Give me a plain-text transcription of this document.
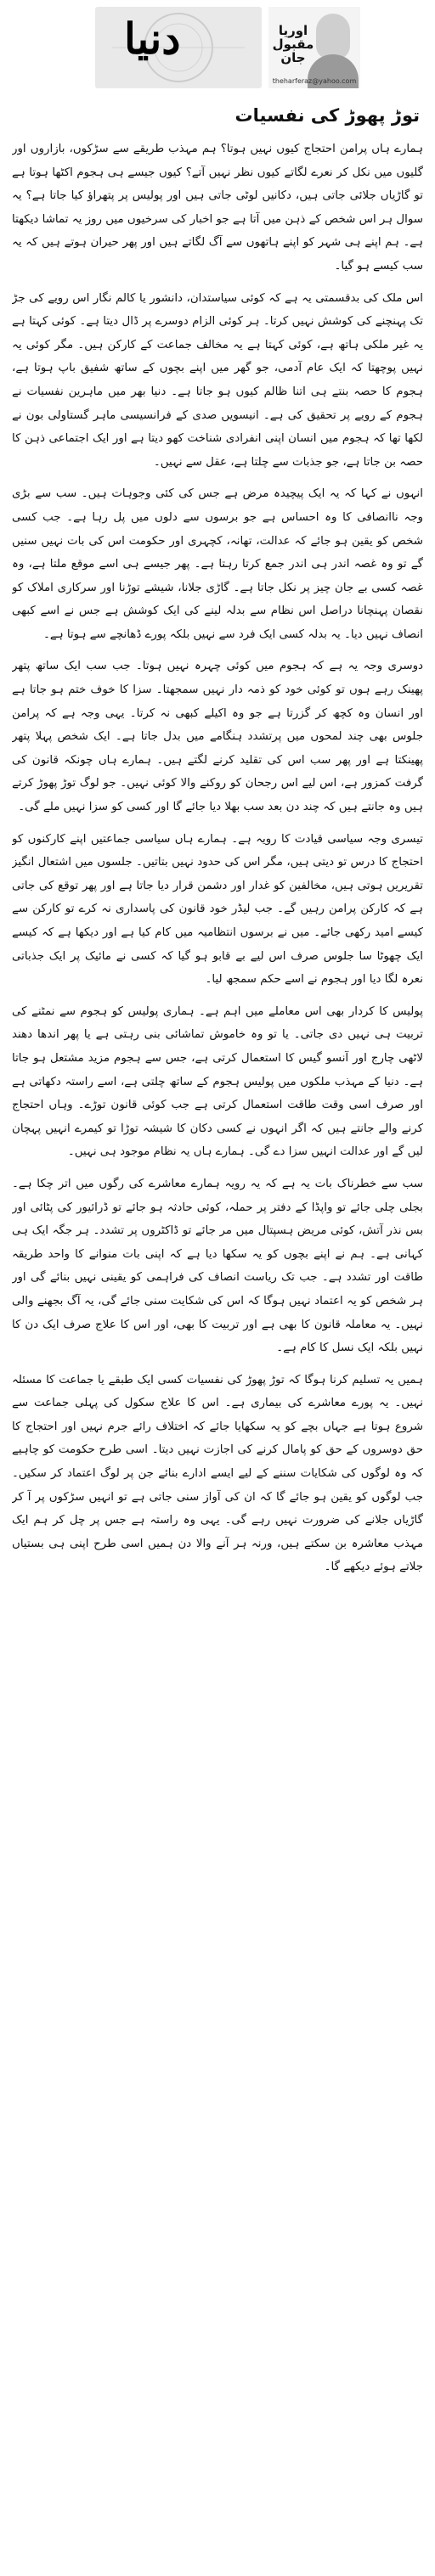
دنیا	اوریا مقبول جان
theharferaz@yahoo.com
توڑ پھوڑ کی نفسیات

ہمارے ہاں پرامن احتجاج کیوں نہیں ہوتا؟ ہم مہذب طریقے سے سڑکوں، بازاروں اور گلیوں میں نکل کر نعرے لگاتے کیوں نظر نہیں آتے؟ کیوں جیسے ہی ہجوم اکٹھا ہوتا ہے تو گاڑیاں جلائی جاتی ہیں، دکانیں لوٹی جاتی ہیں اور پولیس پر پتھراؤ کیا جاتا ہے؟ یہ سوال ہر اس شخص کے ذہن میں آتا ہے جو اخبار کی سرخیوں میں روز یہ تماشا دیکھتا ہے۔ ہم اپنے ہی شہر کو اپنے ہاتھوں سے آگ لگاتے ہیں اور پھر حیران ہوتے ہیں کہ یہ سب کیسے ہو گیا۔

اس ملک کی بدقسمتی یہ ہے کہ کوئی سیاستدان، دانشور یا کالم نگار اس رویے کی جڑ تک پہنچنے کی کوشش نہیں کرتا۔ ہر کوئی الزام دوسرے پر ڈال دیتا ہے۔ کوئی کہتا ہے یہ غیر ملکی ہاتھ ہے، کوئی کہتا ہے یہ مخالف جماعت کے کارکن ہیں۔ مگر کوئی یہ نہیں پوچھتا کہ ایک عام آدمی، جو گھر میں اپنے بچوں کے ساتھ شفیق باپ ہوتا ہے، ہجوم کا حصہ بنتے ہی اتنا ظالم کیوں ہو جاتا ہے۔ دنیا بھر میں ماہرین نفسیات نے ہجوم کے رویے پر تحقیق کی ہے۔ انیسویں صدی کے فرانسیسی ماہر گستاولی بون نے لکھا تھا کہ ہجوم میں انسان اپنی انفرادی شناخت کھو دیتا ہے اور ایک اجتماعی ذہن کا حصہ بن جاتا ہے، جو جذبات سے چلتا ہے، عقل سے نہیں۔

انہوں نے کہا کہ یہ ایک پیچیدہ مرض ہے جس کی کئی وجوہات ہیں۔ سب سے بڑی وجہ ناانصافی کا وہ احساس ہے جو برسوں سے دلوں میں پل رہا ہے۔ جب کسی شخص کو یقین ہو جائے کہ عدالت، تھانہ، کچہری اور حکومت اس کی بات نہیں سنیں گے تو وہ غصہ اندر ہی اندر جمع کرتا رہتا ہے۔ پھر جیسے ہی اسے موقع ملتا ہے، وہ غصہ کسی بے جان چیز پر نکل جاتا ہے۔ گاڑی جلانا، شیشے توڑنا اور سرکاری املاک کو نقصان پہنچانا دراصل اس نظام سے بدلہ لینے کی ایک کوشش ہے جس نے اسے کبھی انصاف نہیں دیا۔ یہ بدلہ کسی ایک فرد سے نہیں بلکہ پورے ڈھانچے سے ہوتا ہے۔

دوسری وجہ یہ ہے کہ ہجوم میں کوئی چہرہ نہیں ہوتا۔ جب سب ایک ساتھ پتھر پھینک رہے ہوں تو کوئی خود کو ذمہ دار نہیں سمجھتا۔ سزا کا خوف ختم ہو جاتا ہے اور انسان وہ کچھ کر گزرتا ہے جو وہ اکیلے کبھی نہ کرتا۔ یہی وجہ ہے کہ پرامن جلوس بھی چند لمحوں میں پرتشدد ہنگامے میں بدل جاتا ہے۔ ایک شخص پہلا پتھر پھینکتا ہے اور پھر سب اس کی تقلید کرنے لگتے ہیں۔ ہمارے ہاں چونکہ قانون کی گرفت کمزور ہے، اس لیے اس رجحان کو روکنے والا کوئی نہیں۔ جو لوگ توڑ پھوڑ کرتے ہیں وہ جانتے ہیں کہ چند دن بعد سب بھلا دیا جائے گا اور کسی کو سزا نہیں ملے گی۔

تیسری وجہ سیاسی قیادت کا رویہ ہے۔ ہمارے ہاں سیاسی جماعتیں اپنے کارکنوں کو احتجاج کا درس تو دیتی ہیں، مگر اس کی حدود نہیں بتاتیں۔ جلسوں میں اشتعال انگیز تقریریں ہوتی ہیں، مخالفین کو غدار اور دشمن قرار دیا جاتا ہے اور پھر توقع کی جاتی ہے کہ کارکن پرامن رہیں گے۔ جب لیڈر خود قانون کی پاسداری نہ کرے تو کارکن سے کیسے امید رکھی جائے۔ میں نے برسوں انتظامیہ میں کام کیا ہے اور دیکھا ہے کہ کیسے ایک چھوٹا سا جلوس صرف اس لیے بے قابو ہو گیا کہ کسی نے مائیک پر ایک جذباتی نعرہ لگا دیا اور ہجوم نے اسے حکم سمجھ لیا۔

پولیس کا کردار بھی اس معاملے میں اہم ہے۔ ہماری پولیس کو ہجوم سے نمٹنے کی تربیت ہی نہیں دی جاتی۔ یا تو وہ خاموش تماشائی بنی رہتی ہے یا پھر اندھا دھند لاٹھی چارج اور آنسو گیس کا استعمال کرتی ہے، جس سے ہجوم مزید مشتعل ہو جاتا ہے۔ دنیا کے مہذب ملکوں میں پولیس ہجوم کے ساتھ چلتی ہے، اسے راستہ دکھاتی ہے اور صرف اسی وقت طاقت استعمال کرتی ہے جب کوئی قانون توڑے۔ وہاں احتجاج کرنے والے جانتے ہیں کہ اگر انہوں نے کسی دکان کا شیشہ توڑا تو کیمرے انہیں پہچان لیں گے اور عدالت انہیں سزا دے گی۔ ہمارے ہاں یہ نظام موجود ہی نہیں۔

سب سے خطرناک بات یہ ہے کہ یہ رویہ ہمارے معاشرے کی رگوں میں اتر چکا ہے۔ بجلی چلی جائے تو واپڈا کے دفتر پر حملہ، کوئی حادثہ ہو جائے تو ڈرائیور کی پٹائی اور بس نذر آتش، کوئی مریض ہسپتال میں مر جائے تو ڈاکٹروں پر تشدد۔ ہر جگہ ایک ہی کہانی ہے۔ ہم نے اپنے بچوں کو یہ سکھا دیا ہے کہ اپنی بات منوانے کا واحد طریقہ طاقت اور تشدد ہے۔ جب تک ریاست انصاف کی فراہمی کو یقینی نہیں بنائے گی اور ہر شخص کو یہ اعتماد نہیں ہوگا کہ اس کی شکایت سنی جائے گی، یہ آگ بجھنے والی نہیں۔ یہ معاملہ قانون کا بھی ہے اور تربیت کا بھی، اور اس کا علاج صرف ایک دن کا نہیں بلکہ ایک نسل کا کام ہے۔

ہمیں یہ تسلیم کرنا ہوگا کہ توڑ پھوڑ کی نفسیات کسی ایک طبقے یا جماعت کا مسئلہ نہیں۔ یہ پورے معاشرے کی بیماری ہے۔ اس کا علاج سکول کی پہلی جماعت سے شروع ہوتا ہے جہاں بچے کو یہ سکھایا جائے کہ اختلاف رائے جرم نہیں اور احتجاج کا حق دوسروں کے حق کو پامال کرنے کی اجازت نہیں دیتا۔ اسی طرح حکومت کو چاہیے کہ وہ لوگوں کی شکایات سننے کے لیے ایسے ادارے بنائے جن پر لوگ اعتماد کر سکیں۔ جب لوگوں کو یقین ہو جائے گا کہ ان کی آواز سنی جاتی ہے تو انہیں سڑکوں پر آ کر گاڑیاں جلانے کی ضرورت نہیں رہے گی۔ یہی وہ راستہ ہے جس پر چل کر ہم ایک مہذب معاشرہ بن سکتے ہیں، ورنہ ہر آنے والا دن ہمیں اسی طرح اپنی ہی بستیاں جلاتے ہوئے دیکھے گا۔
